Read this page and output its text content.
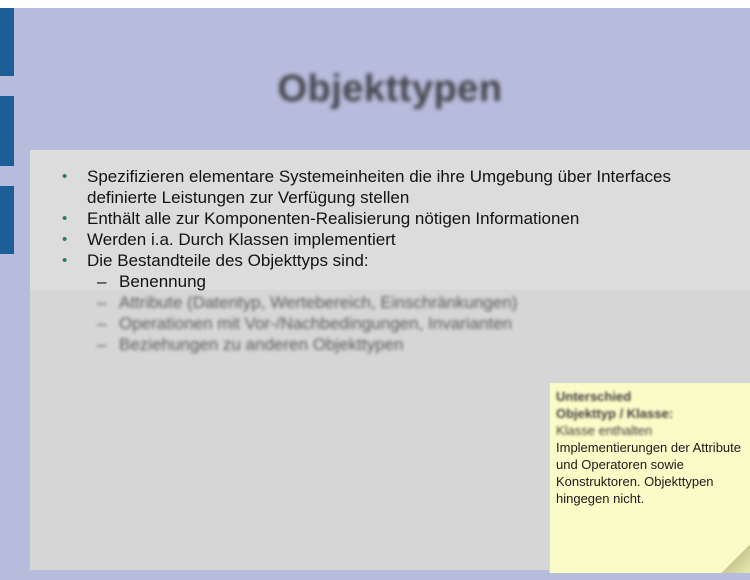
Objekttypen
• Spezifizieren elementare Systemeinheiten die ihre Umgebung über Interfaces definierte Leistungen zur Verfügung stellen
• Enthält alle zur Komponenten-Realisierung nötigen Informationen
• Werden i.a. Durch Klassen implementiert
• Die Bestandteile des Objekttyps sind:
– Benennung
– Attribute (Datentyp, Wertebereich, Einschränkungen)
– Operationen mit Vor-/Nachbedingungen, Invarianten
– Beziehungen zu anderen Objekttypen
Unterschied
Objekttyp / Klasse:
Klasse enthalten
Implementierungen der Attribute und Operatoren sowie Konstruktoren. Objekttypen hingegen nicht.
